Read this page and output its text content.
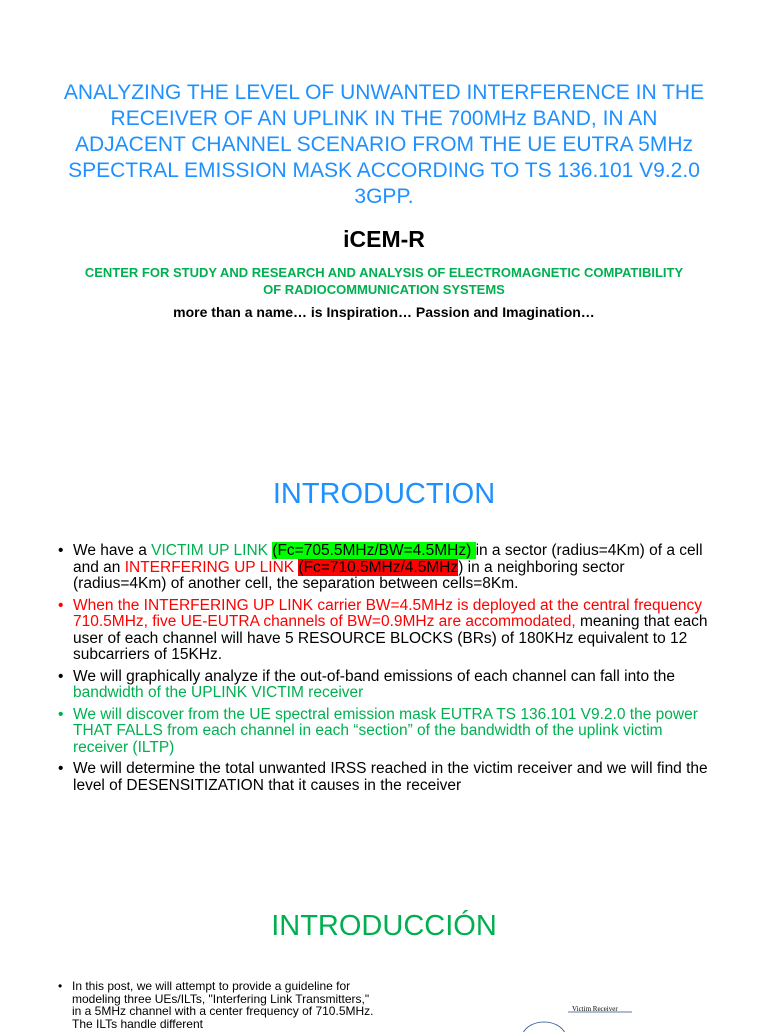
ANALYZING THE LEVEL OF UNWANTED INTERFERENCE IN THE RECEIVER OF AN UPLINK IN THE 700MHz BAND, IN AN ADJACENT CHANNEL SCENARIO FROM THE UE EUTRA 5MHz SPECTRAL EMISSION MASK ACCORDING TO TS 136.101 V9.2.0 3GPP.
iCEM-R
CENTER FOR STUDY AND RESEARCH AND ANALYSIS OF ELECTROMAGNETIC COMPATIBILITY OF RADIOCOMMUNICATION SYSTEMS
more than a name… is Inspiration… Passion and Imagination…
INTRODUCTION
• We have a VICTIM UP LINK (Fc=705.5MHz/BW=4.5MHz) in a sector (radius=4Km) of a cell and an INTERFERING UP LINK (Fc=710.5MHz/4.5MHz) in a neighboring sector (radius=4Km) of another cell, the separation between cells=8Km.
• When the INTERFERING UP LINK carrier BW=4.5MHz is deployed at the central frequency 710.5MHz, five UE-EUTRA channels of BW=0.9MHz are accommodated, meaning that each user of each channel will have 5 RESOURCE BLOCKS (BRs) of 180KHz equivalent to 12 subcarriers of 15KHz.
• We will graphically analyze if the out-of-band emissions of each channel can fall into the bandwidth of the UPLINK VICTIM receiver
• We will discover from the UE spectral emission mask EUTRA TS 136.101 V9.2.0 the power THAT FALLS from each channel in each “section” of the bandwidth of the uplink victim receiver (ILTP)
• We will determine the total unwanted IRSS reached in the victim receiver and we will find the level of DESENSITIZATION that it causes in the receiver
INTRODUCCIÓN
• In this post, we will attempt to provide a guideline for modeling three UEs/ILTs, "Interfering Link Transmitters," in a 5MHz channel with a center frequency of 710.5MHz. The ILTs handle different
Victim Receiver
